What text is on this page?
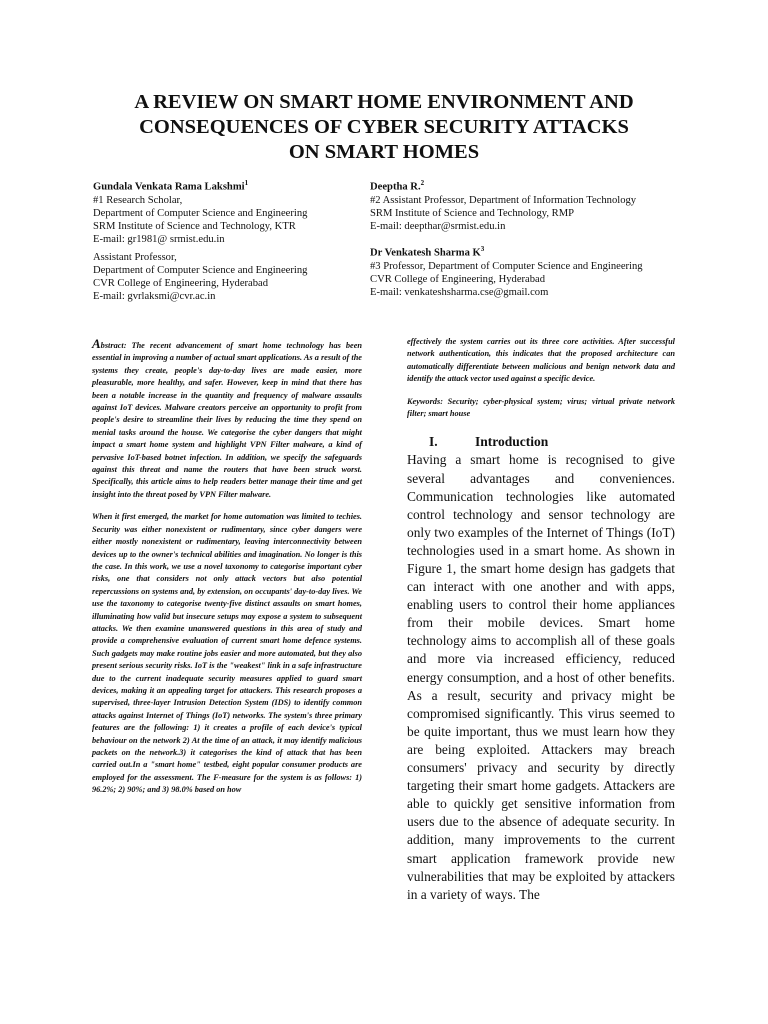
A REVIEW ON SMART HOME ENVIRONMENT AND
CONSEQUENCES OF CYBER SECURITY ATTACKS
ON SMART HOMES
Gundala Venkata Rama Lakshmi$^1$
#1 Research Scholar,
Department of Computer Science and Engineering
SRM Institute of Science and Technology, KTR
E-mail: gr1981@ srmist.edu.in
Assistant Professor,
Department of Computer Science and Engineering
CVR College of Engineering, Hyderabad
E-mail: gvrlaksmi@cvr.ac.in
Deeptha R.$^2$
#2 Assistant Professor, Department of Information Technology
SRM Institute of Science and Technology, RMP
E-mail: deepthar@srmist.edu.in
Dr Venkatesh Sharma $K^3$
#3 Professor, Department of Computer Science and Engineering
CVR College of Engineering, Hyderabad
E-mail: venkateshsharma.cse@gmail.com

Abstract: The recent advancement of smart home technology has been essential in improving a number of actual smart applications. As a result of the systems they create, people's day-to-day lives are made easier, more pleasurable, more healthy, and safer. However, keep in mind that there has been a notable increase in the quantity and frequency of malware assaults against IoT devices. Malware creators perceive an opportunity to profit from people's desire to streamline their lives by reducing the time they spend on menial tasks around the house. We categorise the cyber dangers that might impact a smart home system and highlight VPN Filter malware, a kind of pervasive IoT-based botnet infection. In addition, we specify the safeguards against this threat and name the routers that have been struck worst. Specifically, this article aims to help readers better manage their time and get insight into the threat posed by VPN Filter malware.

When it first emerged, the market for home automation was limited to techies. Security was either nonexistent or rudimentary, since cyber dangers were either mostly nonexistent or rudimentary, leaving interconnectivity between devices up to the owner's technical abilities and imagination. No longer is this the case. In this work, we use a novel taxonomy to categorise important cyber risks, one that considers not only attack vectors but also potential repercussions on systems and, by extension, on occupants' day-to-day lives. We use the taxonomy to categorise twenty-five distinct assaults on smart homes, illuminating how valid but insecure setups may expose a system to subsequent attacks. We then examine unanswered questions in this area of study and provide a comprehensive evaluation of current smart home defence systems. Such gadgets may make routine jobs easier and more automated, but they also present serious security risks. IoT is the "weakest" link in a safe infrastructure due to the current inadequate security measures applied to guard smart devices, making it an appealing target for attackers. This research proposes a supervised, three-layer Intrusion Detection System (IDS) to identify common attacks against Internet of Things (IoT) networks. The system's three primary features are the following: 1) it creates a profile of each device's typical behaviour on the network 2) At the time of an attack, it may identify malicious packets on the network.3) it categorises the kind of attack that has been carried out.In a "smart home" testbed, eight popular consumer products are employed for the assessment. The F-measure for the system is as follows: 1) 96.2%; 2) 90%; and 3) 98.0% based on how

effectively the system carries out its three core activities. After successful network authentication, this indicates that the proposed architecture can automatically differentiate between malicious and benign network data and identify the attack vector used against a specific device.

Keywords: Security; cyber-physical system; virus; virtual private network filter; smart house

I.	Introduction

Having a smart home is recognised to give several advantages and conveniences. Communication technologies like automated control technology and sensor technology are only two examples of the Internet of Things (IoT) technologies used in a smart home. As shown in Figure 1, the smart home design has gadgets that can interact with one another and with apps, enabling users to control their home appliances from their mobile devices. Smart home technology aims to accomplish all of these goals and more via increased efficiency, reduced energy consumption, and a host of other benefits. As a result, security and privacy might be compromised significantly. This virus seemed to be quite important, thus we must learn how they are being exploited. Attackers may breach consumers' privacy and security by directly targeting their smart home gadgets. Attackers are able to quickly get sensitive information from users due to the absence of adequate security. In addition, many improvements to the current smart application framework provide new vulnerabilities that may be exploited by attackers in a variety of ways. The
